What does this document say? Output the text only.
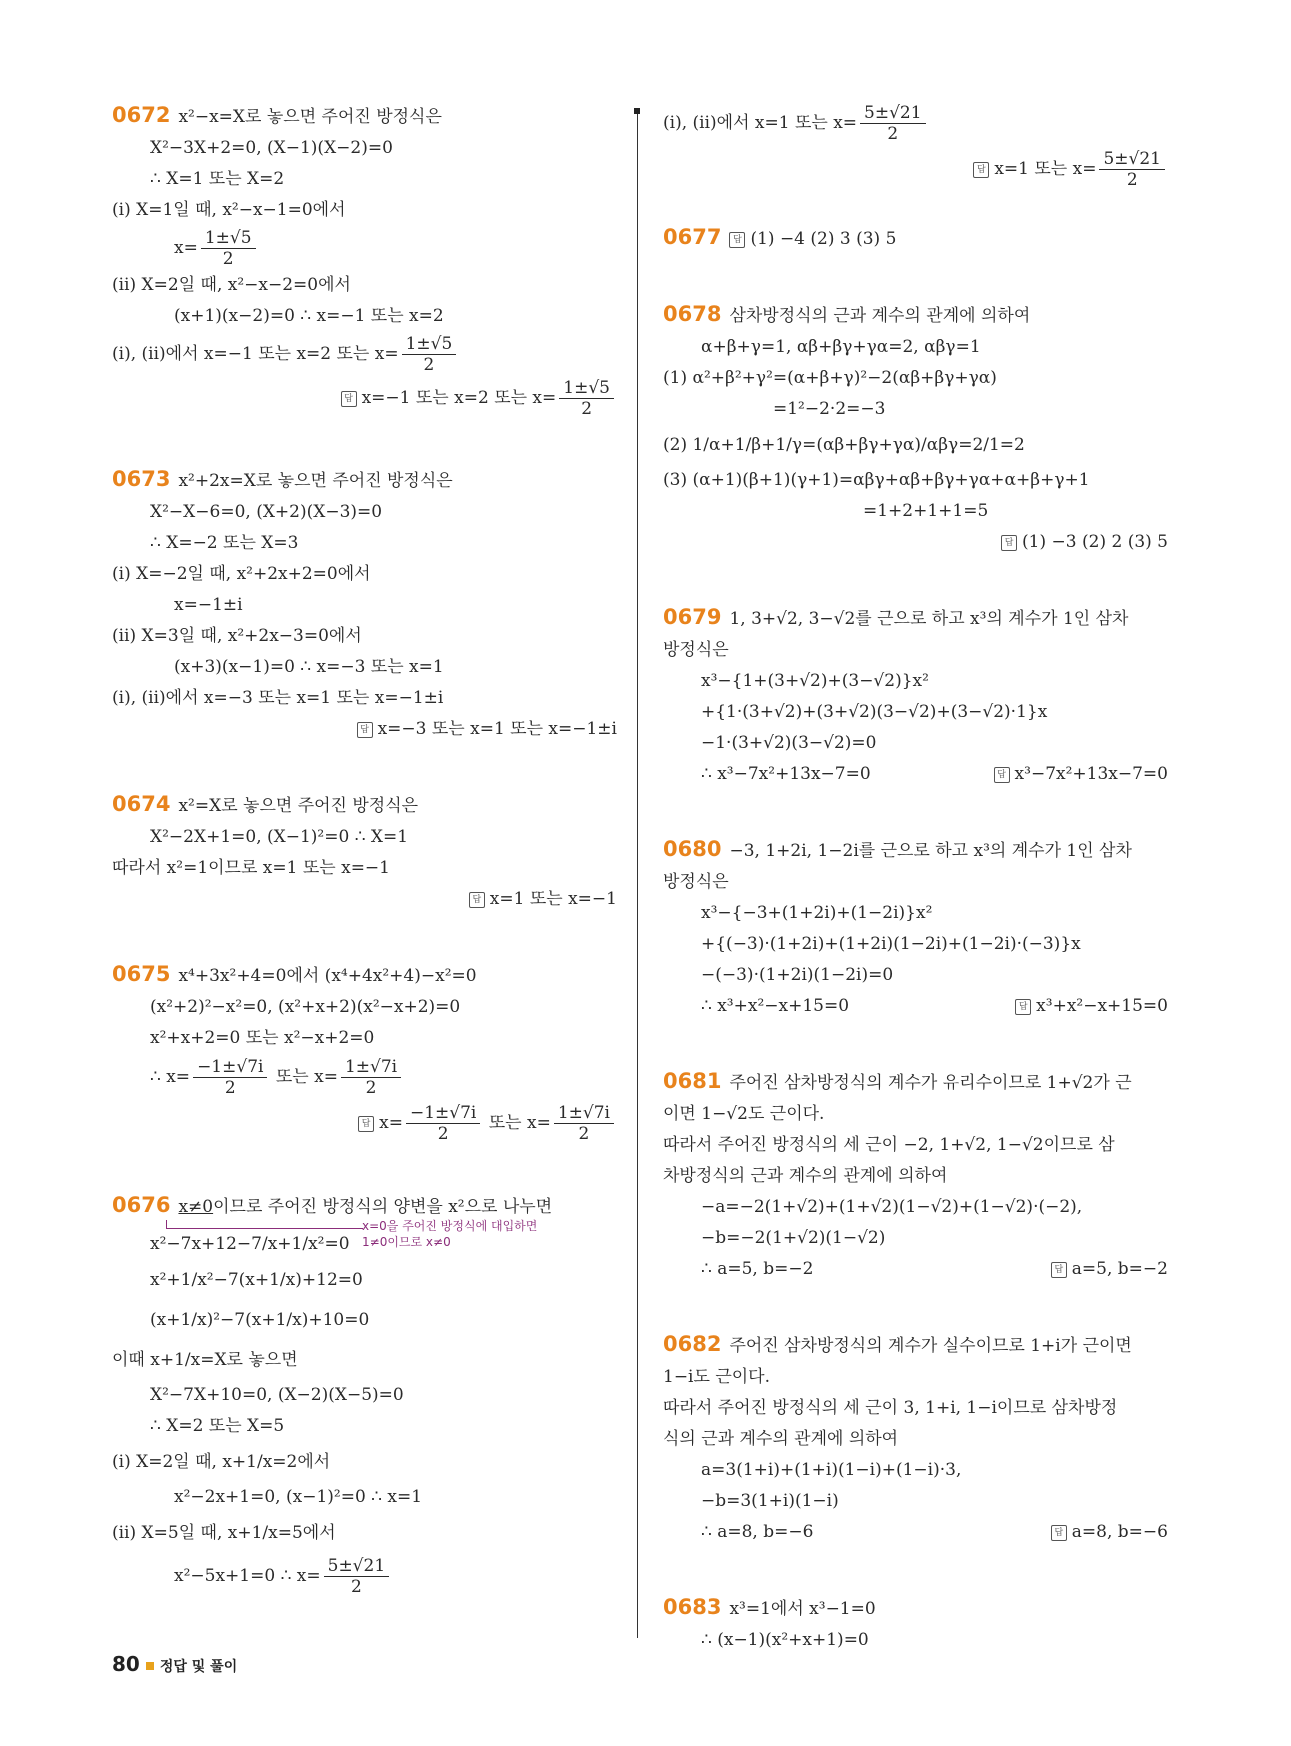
0672 x²−x=X로 놓으면 주어진 방정식은
X²−3X+2=0, (X−1)(X−2)=0
∴ X=1 또는 X=2
(ⅰ) X=1일 때, x²−x−1=0에서
$x= \frac{1\pm√5}{2}$
(ⅱ) X=2일 때, x²−x−2=0에서
(x+1)(x−2)=0 ∴ x=−1 또는 x=2
(ⅰ), (ⅱ)에서 x=−1 또는 x=2 또는 $x= \frac{1\pm√5}{2}$
답 x=−1 또는 x=2 또는 $x= \frac{1\pm√5}{2}$
0673 x²+2x=X로 놓으면 주어진 방정식은
X²−X−6=0, (X+2)(X−3)=0
∴ X=−2 또는 X=3
(ⅰ) X=−2일 때, x²+2x+2=0에서
x=−1±i
(ⅱ) X=3일 때, x²+2x−3=0에서
(x+3)(x−1)=0 ∴ x=−3 또는 x=1
(ⅰ), (ⅱ)에서 x=−3 또는 x=1 또는 x=−1±i
답 x=−3 또는 x=1 또는 x=−1±i
0674 x²=X로 놓으면 주어진 방정식은
X²−2X+1=0, (X−1)²=0 ∴ X=1
따라서 x²=1이므로 x=1 또는 x=−1
답 x=1 또는 x=−1
0675 x⁴+3x²+4=0에서 (x⁴+4x²+4)−x²=0
(x²+2)²−x²=0, (x²+x+2)(x²−x+2)=0
x²+x+2=0 또는 x²−x+2=0
∴ $x= \frac{-1\pm√7i}{2}$ 또는 $x= \frac{1\pm√7i}{2}$
답 $x= \frac{-1\pm√7i}{2}$ 또는 $x= \frac{1\pm√7i}{2}$
0676 x≠0이므로 주어진 방정식의 양변을 x²으로 나누면
x=0을 주어진 방정식에 대입하면
1≠0이므로 x≠0
x²−7x+12−7/x+1/x²=0
x²+1/x²−7(x+1/x)+12=0
(x+1/x)²−7(x+1/x)+10=0
이때 x+1/x=X로 놓으면
X²−7X+10=0, (X−2)(X−5)=0
∴ X=2 또는 X=5
(ⅰ) X=2일 때, x+1/x=2에서
x²−2x+1=0, (x−1)²=0 ∴ x=1
(ⅱ) X=5일 때, x+1/x=5에서
x²−5x+1=0 ∴ $x= \frac{5\pm√21}{2}$
(ⅰ), (ⅱ)에서 x=1 또는 $x= \frac{5\pm√21}{2}$
답 x=1 또는 $x= \frac{5\pm√21}{2}$
0677 답 (1) −4 (2) 3 (3) 5
0678 삼차방정식의 근과 계수의 관계에 의하여
α+β+γ=1, αβ+βγ+γα=2, αβγ=1
(1) α²+β²+γ²=(α+β+γ)²−2(αβ+βγ+γα)
=1²−2·2=−3
(2) 1/α+1/β+1/γ=(αβ+βγ+γα)/αβγ=2/1=2
(3) (α+1)(β+1)(γ+1)=αβγ+αβ+βγ+γα+α+β+γ+1
=1+2+1+1=5
답 (1) −3 (2) 2 (3) 5
0679 1, 3+√2, 3−√2를 근으로 하고 x³의 계수가 1인 삼차
방정식은
x³−{1+(3+√2)+(3−√2)}x²
+{1·(3+√2)+(3+√2)(3−√2)+(3−√2)·1}x
−1·(3+√2)(3−√2)=0
∴ x³−7x²+13x−7=0	답 x³−7x²+13x−7=0
0680 −3, 1+2i, 1−2i를 근으로 하고 x³의 계수가 1인 삼차
방정식은
x³−{−3+(1+2i)+(1−2i)}x²
+{(−3)·(1+2i)+(1+2i)(1−2i)+(1−2i)·(−3)}x
−(−3)·(1+2i)(1−2i)=0
∴ x³+x²−x+15=0	답 x³+x²−x+15=0
0681 주어진 삼차방정식의 계수가 유리수이므로 1+√2가 근
이면 1−√2도 근이다.
따라서 주어진 방정식의 세 근이 −2, 1+√2, 1−√2이므로 삼
차방정식의 근과 계수의 관계에 의하여
−a=−2(1+√2)+(1+√2)(1−√2)+(1−√2)·(−2),
−b=−2(1+√2)(1−√2)
∴ a=5, b=−2	답 a=5, b=−2
0682 주어진 삼차방정식의 계수가 실수이므로 1+i가 근이면
1−i도 근이다.
따라서 주어진 방정식의 세 근이 3, 1+i, 1−i이므로 삼차방정
식의 근과 계수의 관계에 의하여
a=3(1+i)+(1+i)(1−i)+(1−i)·3,
−b=3(1+i)(1−i)
∴ a=8, b=−6	답 a=8, b=−6
0683 x³=1에서 x³−1=0
∴ (x−1)(x²+x+1)=0
80 정답 및 풀이
